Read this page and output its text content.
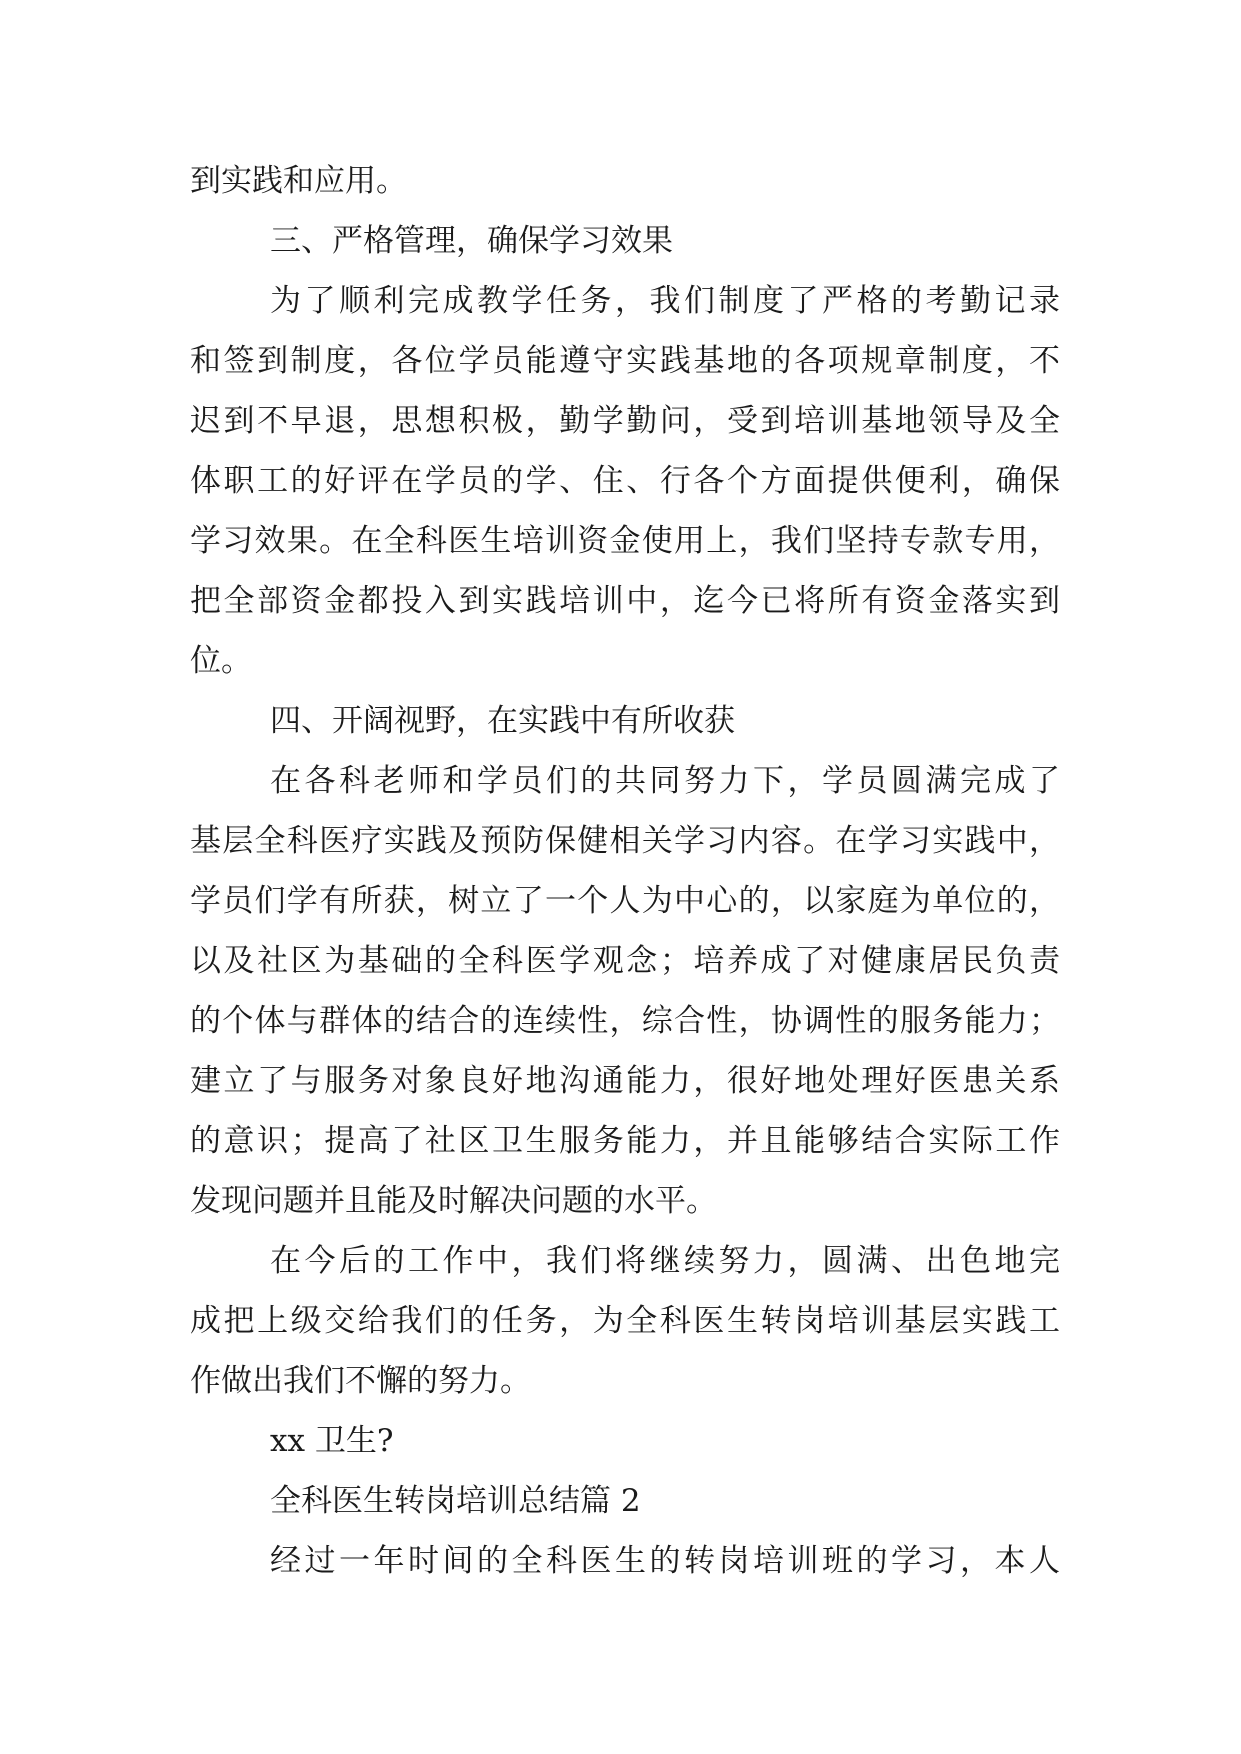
到实践和应用。
三、严格管理，确保学习效果
为了顺利完成教学任务，我们制度了严格的考勤记录
和签到制度，各位学员能遵守实践基地的各项规章制度，不
迟到不早退，思想积极，勤学勤问，受到培训基地领导及全
体职工的好评在学员的学、住、行各个方面提供便利，确保
学习效果。在全科医生培训资金使用上，我们坚持专款专用，
把全部资金都投入到实践培训中，迄今已将所有资金落实到
位。
四、开阔视野，在实践中有所收获
在各科老师和学员们的共同努力下，学员圆满完成了
基层全科医疗实践及预防保健相关学习内容。在学习实践中，
学员们学有所获，树立了一个人为中心的，以家庭为单位的，
以及社区为基础的全科医学观念；培养成了对健康居民负责
的个体与群体的结合的连续性，综合性，协调性的服务能力；
建立了与服务对象良好地沟通能力，很好地处理好医患关系
的意识；提高了社区卫生服务能力，并且能够结合实际工作
发现问题并且能及时解决问题的水平。
在今后的工作中，我们将继续努力，圆满、出色地完
成把上级交给我们的任务，为全科医生转岗培训基层实践工
作做出我们不懈的努力。
xx 卫生?
全科医生转岗培训总结篇 2
经过一年时间的全科医生的转岗培训班的学习，本人
